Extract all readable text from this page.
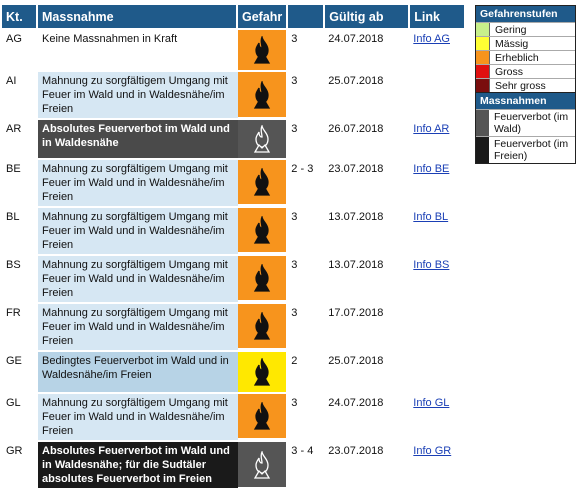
Kt.	Massnahme	Gefahr		Gültig ab	Link
AG	Keine Massnahmen in Kraft		3	24.07.2018	Info AG
AI	Mahnung zu sorgfältigem Umgang mit Feuer im Wald und in Waldesnähe/im Freien		3	25.07.2018	
AR	Absolutes Feuerverbot im Wald und in Waldesnähe		3	26.07.2018	Info AR
BE	Mahnung zu sorgfältigem Umgang mit Feuer im Wald und in Waldesnähe/im Freien		2 - 3	23.07.2018	Info BE
BL	Mahnung zu sorgfältigem Umgang mit Feuer im Wald und in Waldesnähe/im Freien		3	13.07.2018	Info BL
BS	Mahnung zu sorgfältigem Umgang mit Feuer im Wald und in Waldesnähe/im Freien		3	13.07.2018	Info BS
FR	Mahnung zu sorgfältigem Umgang mit Feuer im Wald und in Waldesnähe/im Freien		3	17.07.2018	
GE	Bedingtes Feuerverbot im Wald und in Waldesnähe/im Freien		2	25.07.2018	
GL	Mahnung zu sorgfältigem Umgang mit Feuer im Wald und in Waldesnähe/im Freien		3	24.07.2018	Info GL
GR	Absolutes Feuerverbot im Wald und in Waldesnähe; für die Sudtäler absolutes Feuerverbot im Freien		3 - 4	23.07.2018	Info GR
Gefahrenstufen
Gering
Mässig
Erheblich
Gross
Sehr gross
Massnahmen
Feuerverbot (im Wald)
Feuerverbot (im Freien)
